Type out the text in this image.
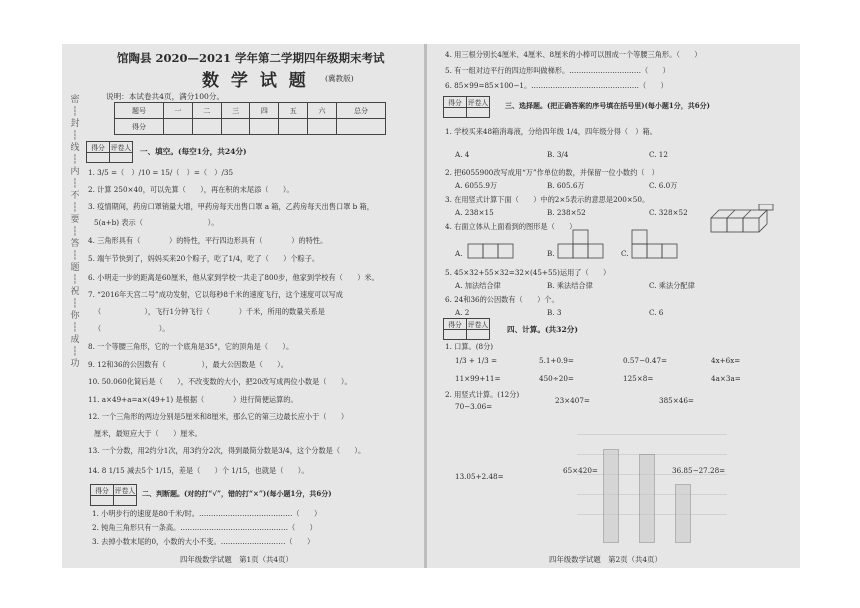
密
┆
封
┆
线
┆
内
┆
不
┆
要
┆
答
┆
题
┆
祝
┆
你
┆
成
┆
功
馆陶县 2020—2021 学年第二学期四年级期末考试
数 学 试 题 (冀教版)
说明：本试卷共4页，满分100分。
题号	一	二	三	四	五	六	总分
得分							
得分	评卷人
	一、填空。(每空1分，共24分)
1. 3/5 =（　）/10 = 15/（　）=（　）/35
2. 计算 250×40，可以先算（　　），再在积的末尾添（　　）。
3. 疫情期间，药房口罩销量大增，甲药房每天出售口罩 a 箱，乙药房每天出售口罩 b 箱，
5(a+b) 表示（　　　　　　　　　）。
4. 三角形具有（　　　　）的特性，平行四边形具有（　　　　）的特性。
5. 端午节快到了，妈妈买来20个粽子，吃了1/4，吃了（　　）个粽子。
6. 小明走一步的距离是60厘米，他从家到学校一共走了800步，他家到学校有（　　）米。
7. “2016年天宫二号”成功发射，它以每秒8千米的速度飞行，这个速度可以写成
（　　　　　　），飞行1分钟飞行（　　　　）千米，所用的数量关系是
（　　　　　　　　）。
8. 一个等腰三角形，它的一个底角是35°，它的顶角是（　　）。
9. 12和36的公因数有（　　　　　），最大公因数是（　　）。
10. 50.060化简后是（　　），不改变数的大小，把20改写成两位小数是（　　）。
11. a×49+a=a×(49+1) 是根据（　　　　）进行简便运算的。
12. 一个三角形的两边分别是5厘米和8厘米，那么它的第三边最长应小于（　　）
厘米，最短应大于（　　）厘米。
13. 一个分数，用2约分1次，用3约分2次，得到最简分数是3/4，这个分数是（　　）。
14. 8 1/15 减去5个 1/15，差是（　　）个 1/15，也就是（　　）。
得分	评卷人
	二、判断题。(对的打“√”，错的打“×”)(每小题1分，共6分)
1. 小明步行的速度是80千米/时。…………………………………（　　）
2. 钝角三角形只有一条高。………………………………………（　　）
3. 去掉小数末尾的0，小数的大小不变。………………………（　　）
四年级数学试题　第1页（共4页）
4. 用三根分别长4厘米、4厘米、8厘米的小棒可以围成一个等腰三角形。（　　）
5. 有一组对边平行的四边形叫做梯形。…………………………（　　）
6. 85×99=85×100−1。………………………………………（　　）
得分	评卷人
	三、选择题。(把正确答案的序号填在括号里)(每小题1分，共6分)
1. 学校买来48箱消毒液，分给四年级 1/4，四年级分得（　）箱。
A. 4	B. 3/4	C. 12
2. 把6055900改写成用“万”作单位的数，并保留一位小数约（　）
A. 6055.9万	B. 605.6万	C. 6.0万
3. 在用竖式计算下面（　　）中的2×5表示的意思是200×50。
A. 238×15	B. 238×52	C. 328×52
4. 右面立体从上面看到的图形是（　　）
A.	B.	C.
5. 45×32+55×32=32×(45+55)运用了（　　）
A. 加法结合律	B. 乘法结合律	C. 乘法分配律
6. 24和36的公因数有（　　）个。
A. 2	B. 3	C. 6
得分	评卷人
	四、计算。(共32分)
1. 口算。(8分)
1/3 + 1/3 =	5.1+0.9=	0.57−0.47=	4x+6x=
11×99+11=	450÷20=	125×8=	4a×3a=
2. 用竖式计算。(12分)
70−3.06=
23×407=	385×46=
13.05+2.48=
65×420=	36.85−27.28=
四年级数学试题　第2页（共4页）
